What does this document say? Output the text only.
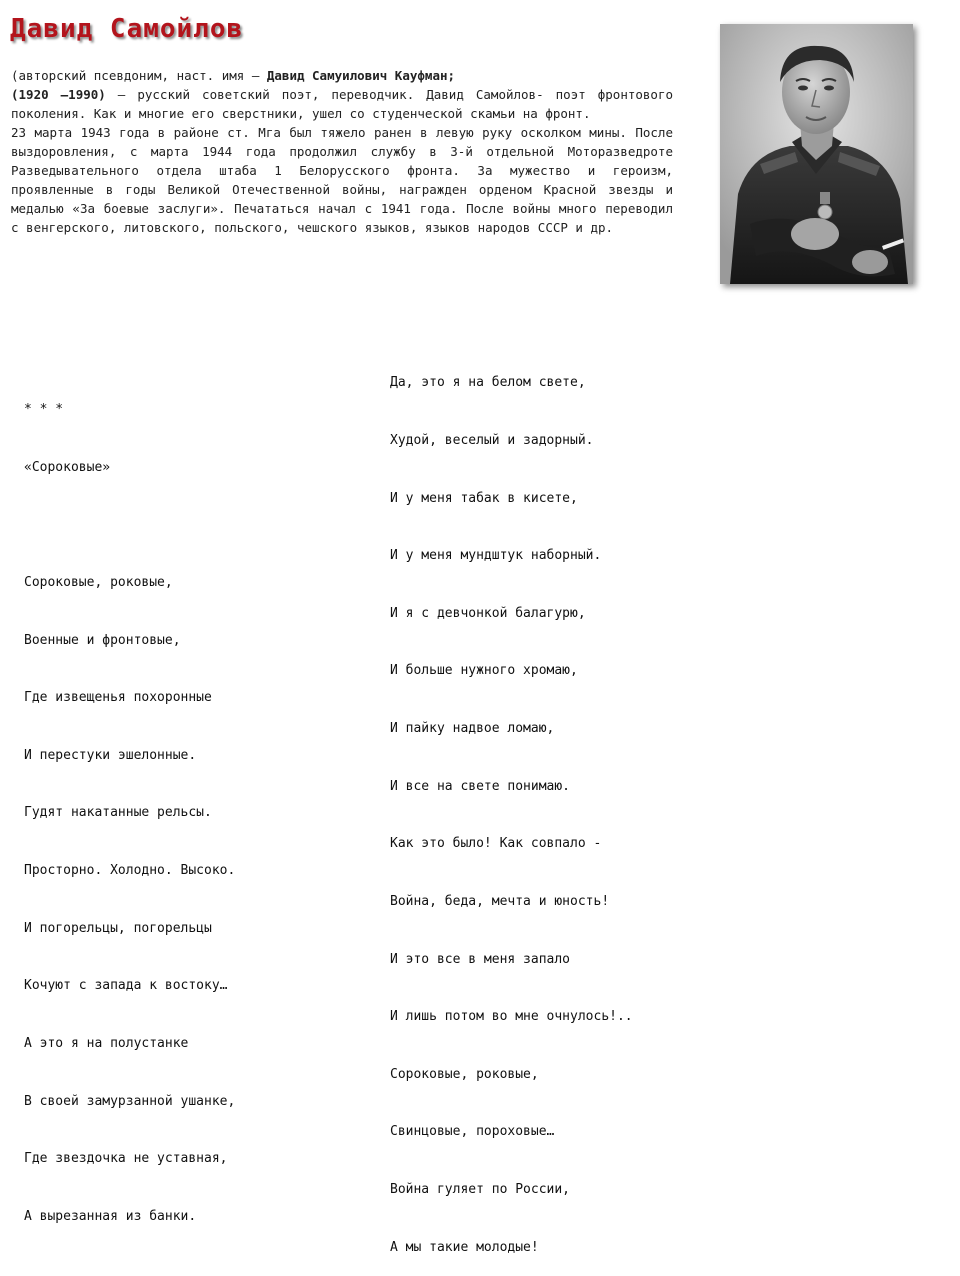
Давид Самойлов

(авторский псевдоним, наст. имя — Давид Самуилович Кауфман;
(1920 —1990) — русский советский поэт, переводчик. Давид Самойлов- поэт фронтового поколения. Как и многие его сверстники, ушел со студенческой скамьи на фронт.

23 марта 1943 года в районе ст. Мга был тяжело ранен в левую руку осколком мины. После выздоровления, с марта 1944 года продолжил службу в 3-й отдельной Моторазведроте Разведывательного отдела штаба 1 Белорусского фронта. За мужество и героизм, проявленные в годы Великой Отечественной войны, награжден орденом Красной звезды и медалью «За боевые заслуги». Печататься начал с 1941 года. После войны много переводил с венгерского, литовского, польского, чешского языков, языков народов СССР и др.

* * *

«Сороковые»

Сороковые, роковые,

Военные и фронтовые,

Где извещенья похоронные

И перестуки эшелонные.

Гудят накатанные рельсы.

Просторно. Холодно. Высоко.

И погорельцы, погорельцы

Кочуют с запада к востоку…

А это я на полустанке

В своей замурзанной ушанке,

Где звездочка не уставная,

А вырезанная из банки.

Да, это я на белом свете,

Худой, веселый и задорный.

И у меня табак в кисете,

И у меня мундштук наборный.

И я с девчонкой балагурю,

И больше нужного хромаю,

И пайку надвое ломаю,

И все на свете понимаю.

Как это было! Как совпало -

Война, беда, мечта и юность!

И это все в меня запало

И лишь потом во мне очнулось!..

Сороковые, роковые,

Свинцовые, пороховые…

Война гуляет по России,

А мы такие молодые!
